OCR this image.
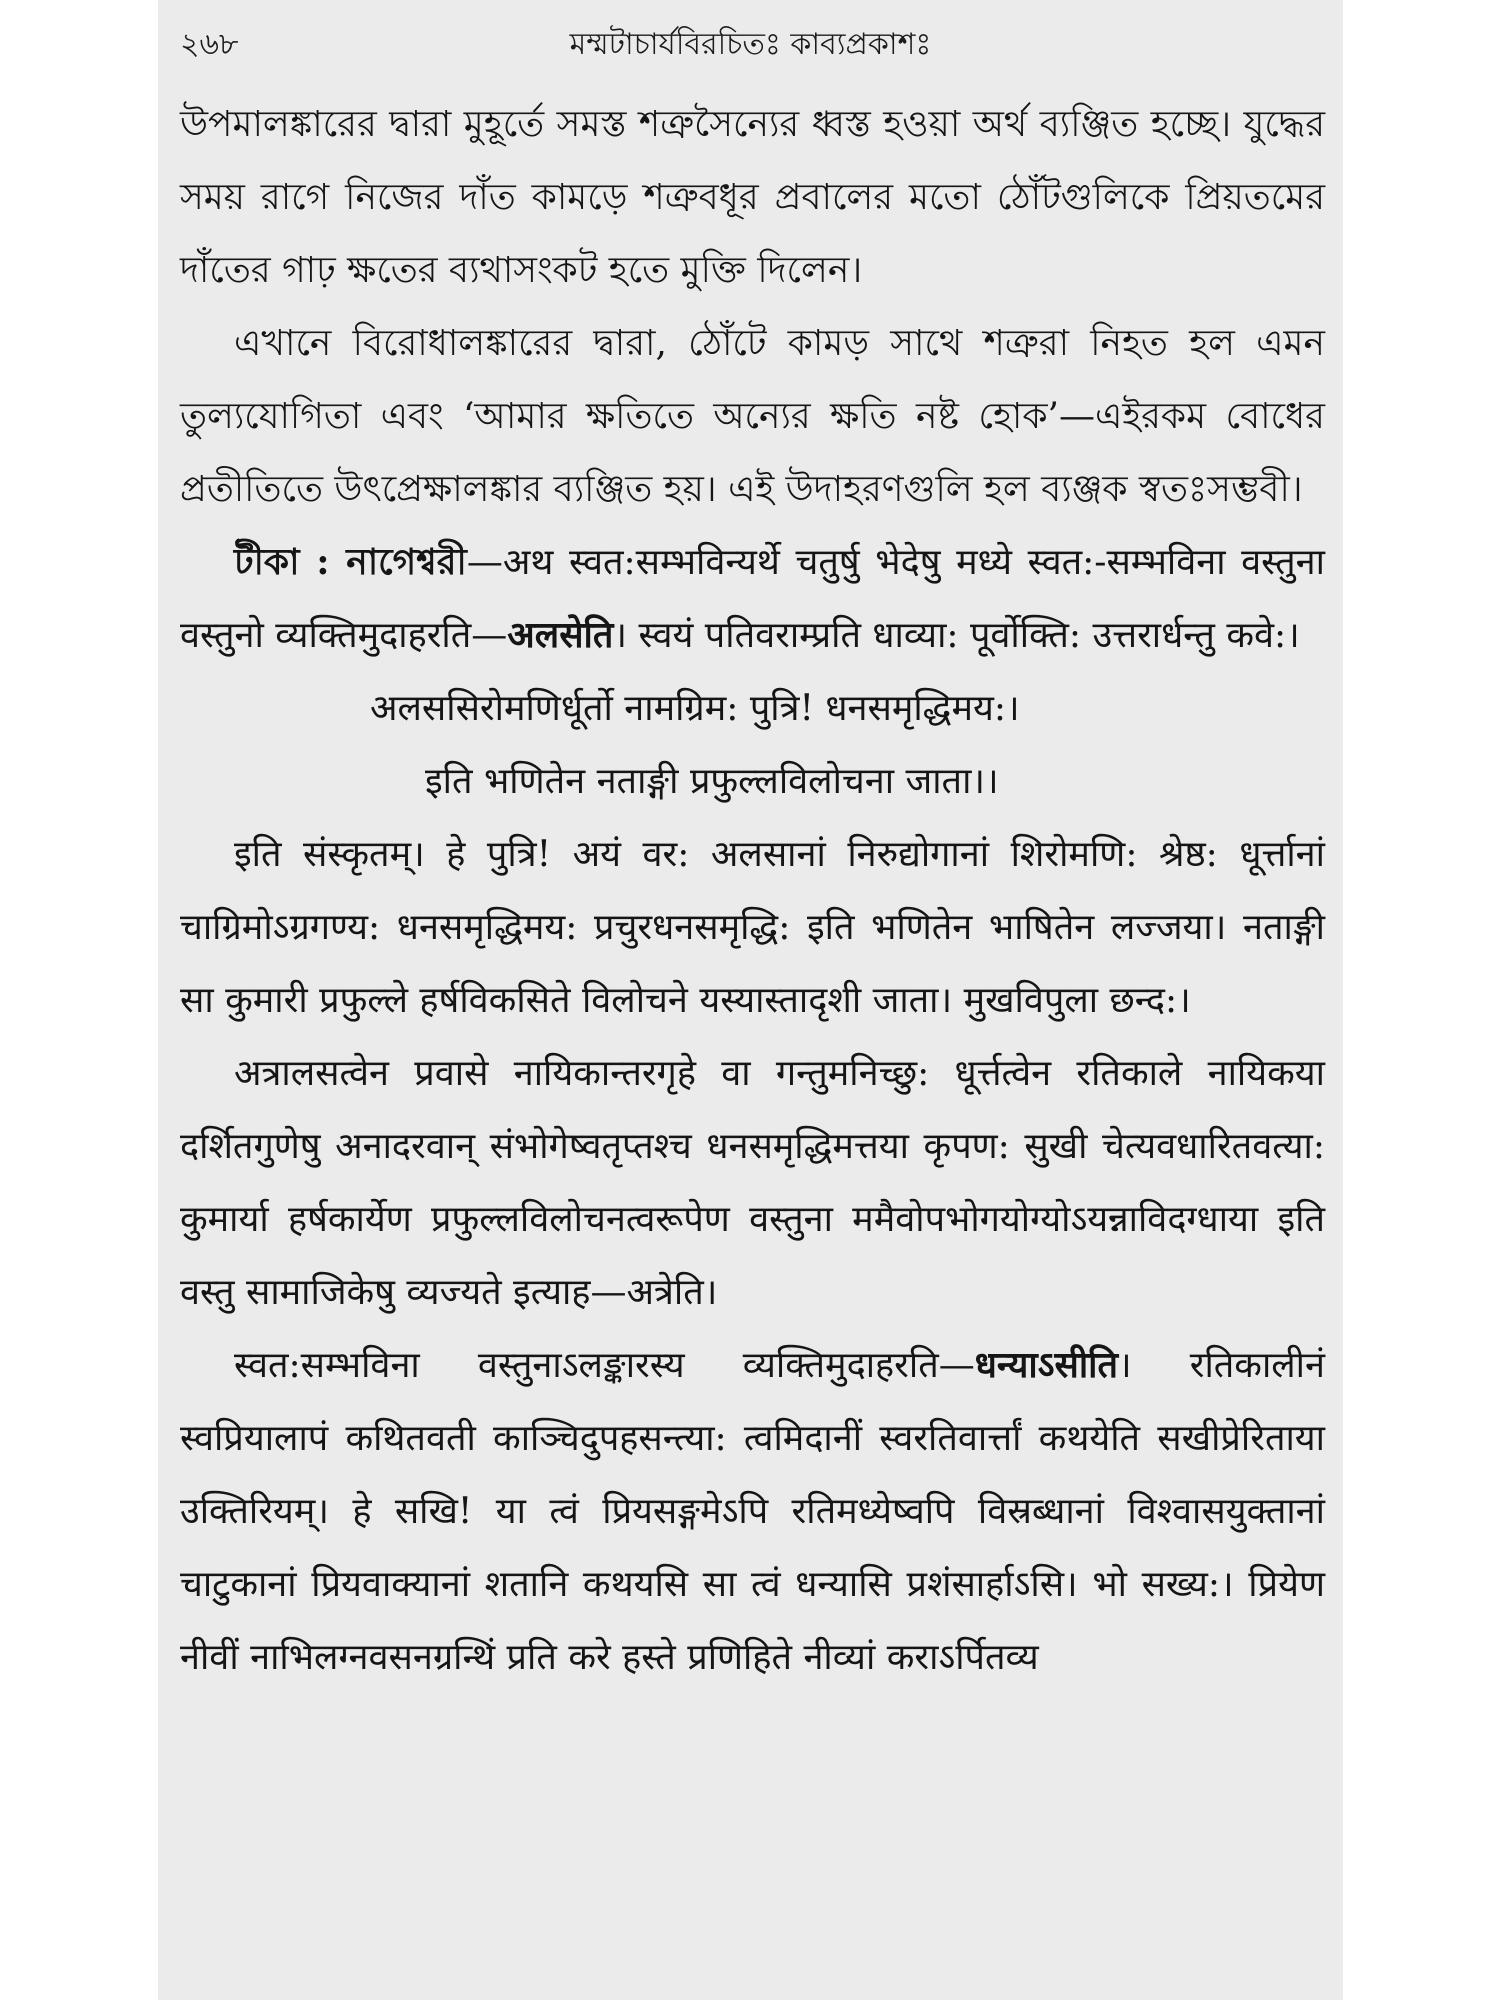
২৬৮	মম্মটাচার্যবিরচিতঃ কাব্যপ্রকাশঃ

উপমালঙ্কারের দ্বারা মুহূর্তে সমস্ত শত্রুসৈন্যের ধ্বস্ত হওয়া অর্থ ব্যঞ্জিত হচ্ছে। যুদ্ধের সময় রাগে নিজের দাঁত কামড়ে শত্রুবধূর প্রবালের মতো ঠোঁটগুলিকে প্রিয়তমের দাঁতের গাঢ় ক্ষতের ব্যথাসংকট হতে মুক্তি দিলেন।

এখানে বিরোধালঙ্কারের দ্বারা, ঠোঁটে কামড় সাথে শত্রুরা নিহত হল এমন তুল্যযোগিতা এবং ‘আমার ক্ষতিতে অন্যের ক্ষতি নষ্ট হোক’—এইরকম বোধের প্রতীতিতে উৎপ্রেক্ষালঙ্কার ব্যঞ্জিত হয়। এই উদাহরণগুলি হল ব্যঞ্জক স্বতঃসম্ভবী।

টীকা : নাগেশ্বরী—अथ स्वत:सम्भविन्यर्थे चतुर्षु भेदेषु मध्ये स्वत:-सम्भविना वस्तुना वस्तुनो व्यक्तिमुदाहरति—अलसेति। स्वयं पतिवराम्प्रति धाव्या: पूर्वोक्ति: उत्तरार्धन्तु कवे:।

अलससिरोमणिर्धूर्तो नामग्रिम: पुत्रि! धनसमृद्धिमय:।

इति भणितेन नताङ्गी प्रफुल्लविलोचना जाता।।

इति संस्कृतम्। हे पुत्रि! अयं वर: अलसानां निरुद्योगानां शिरोमणि: श्रेष्ठ: धूर्त्तानां चाग्रिमोऽग्रगण्य: धनसमृद्धिमय: प्रचुरधनसमृद्धि: इति भणितेन भाषितेन लज्जया। नताङ्गी सा कुमारी प्रफुल्ले हर्षविकसिते विलोचने यस्यास्तादृशी जाता। मुखविपुला छन्द:।

अत्रालसत्वेन प्रवासे नायिकान्तरगृहे वा गन्तुमनिच्छु: धूर्त्तत्वेन रतिकाले नायिकया दर्शितगुणेषु अनादरवान् संभोगेष्वतृप्तश्च धनसमृद्धिमत्तया कृपण: सुखी चेत्यवधारितवत्या: कुमार्या हर्षकार्येण प्रफुल्लविलोचनत्वरूपेण वस्तुना ममैवोपभोगयोग्योऽयन्नाविदग्धाया इति वस्तु सामाजिकेषु व्यज्यते इत्याह—अत्रेति।

स्वत:सम्भविना वस्तुनाऽलङ्कारस्य व्यक्तिमुदाहरति—धन्याऽसीति। रतिकालीनं स्वप्रियालापं कथितवती काञ्चिदुपहसन्त्या: त्वमिदानीं स्वरतिवार्त्तां कथयेति सखीप्रेरिताया उक्तिरियम्। हे सखि! या त्वं प्रियसङ्गमेऽपि रतिमध्येष्वपि विस्रब्धानां विश्वासयुक्तानां चाटुकानां प्रियवाक्यानां शतानि कथयसि सा त्वं धन्यासि प्रशंसार्हाऽसि। भो सख्य:। प्रियेण नीवीं नाभिलग्नवसनग्रन्थिं प्रति करे हस्ते प्रणिहिते नीव्यां कराऽर्पितव्य
